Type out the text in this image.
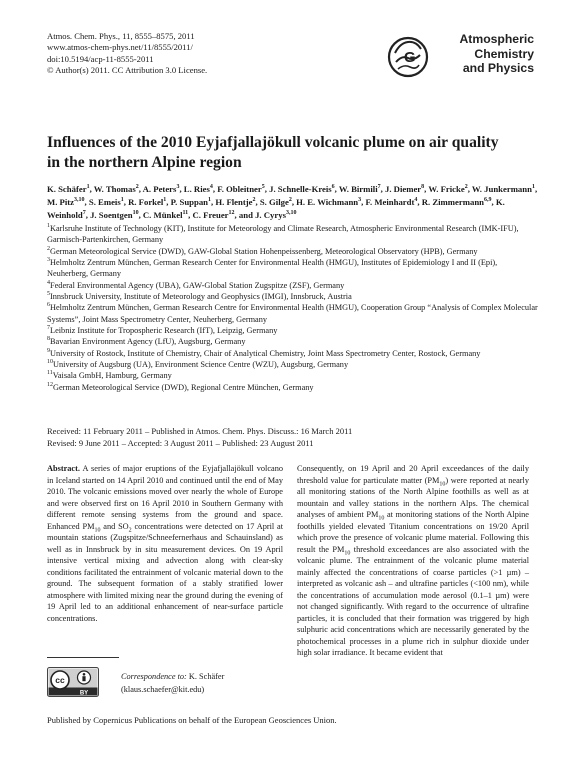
Atmos. Chem. Phys., 11, 8555–8575, 2011
www.atmos-chem-phys.net/11/8555/2011/
doi:10.5194/acp-11-8555-2011
© Author(s) 2011. CC Attribution 3.0 License.
G
Atmospheric
Chemistry
and Physics
Influences of the 2010 Eyjafjallajökull volcanic plume on air quality
in the northern Alpine region
K. Schäfer$^1$, W. Thomas$^2$, A. Peters$^3$, L. Ries$^4$, F. Obleitner$^5$, J. Schnelle-Kreis$^6$, W. Birmili$^7$, J. Diemer$^8$, W. Fricke$^2$, W. Junkermann$^1$, M. Pitz$^{3,10}$, S. Emeis$^1$, R. Forkel$^1$, P. Suppan$^1$, H. Flentje$^2$, S. Gilge$^2$, H. E. Wichmann$^3$, F. Meinhardt$^4$, R. Zimmermann$^{6,9}$, K. Weinhold$^7$, J. Soentgen$^{10}$, C. Münkel$^{11}$, C. Freuer$^{12}$, and J. Cyrys$^{3,10}$
$^1$Karlsruhe Institute of Technology (KIT), Institute for Meteorology and Climate Research, Atmospheric Environmental Research (IMK-IFU), Garmisch-Partenkirchen, Germany
$^2$German Meteorological Service (DWD), GAW-Global Station Hohenpeissenberg, Meteorological Observatory (HPB), Germany
$^3$Helmholtz Zentrum München, German Research Center for Environmental Health (HMGU), Institutes of Epidemiology I and II (Epi), Neuherberg, Germany
$^4$Federal Environmental Agency (UBA), GAW-Global Station Zugspitze (ZSF), Germany
$^5$Innsbruck University, Institute of Meteorology and Geophysics (IMGI), Innsbruck, Austria
$^6$Helmholtz Zentrum München, German Research Centre for Environmental Health (HMGU), Cooperation Group “Analysis of Complex Molecular Systems”, Joint Mass Spectrometry Center, Neuherberg, Germany
$^7$Leibniz Institute for Tropospheric Research (IfT), Leipzig, Germany
$^8$Bavarian Environment Agency (LfU), Augsburg, Germany
$^9$University of Rostock, Institute of Chemistry, Chair of Analytical Chemistry, Joint Mass Spectrometry Center, Rostock, Germany
$^{10}$University of Augsburg (UA), Environment Science Centre (WZU), Augsburg, Germany
$^{11}$Vaisala GmbH, Hamburg, Germany
$^{12}$German Meteorological Service (DWD), Regional Centre München, Germany
Received: 11 February 2011 – Published in Atmos. Chem. Phys. Discuss.: 16 March 2011
Revised: 9 June 2011 – Accepted: 3 August 2011 – Published: 23 August 2011
Abstract. A series of major eruptions of the Eyjafjallajökull volcano in Iceland started on 14 April 2010 and continued until the end of May 2010. The volcanic emissions moved over nearly the whole of Europe and were observed first on 16 April 2010 in Southern Germany with different remote sensing systems from the ground and space. Enhanced $PM_{10}$ and $SO_2$ concentrations were detected on 17 April at mountain stations (Zugspitze/Schneefernerhaus and Schauinsland) as well as in Innsbruck by in situ measurement devices. On 19 April intensive vertical mixing and advection along with clear-sky conditions facilitated the entrainment of volcanic material down to the ground. The subsequent formation of a stably stratified lower atmosphere with limited mixing near the ground during the evening of 19 April led to an additional enhancement of near-surface particle concentrations.
Consequently, on 19 April and 20 April exceedances of the daily threshold value for particulate matter $(PM_{10})$ were reported at nearly all monitoring stations of the North Alpine foothills as well as at mountain and valley stations in the northern Alps. The chemical analyses of ambient $PM_{10}$ at monitoring stations of the North Alpine foothills yielded elevated Titanium concentrations on 19/20 April which prove the presence of volcanic plume material. Following this result the $PM_{10}$ threshold exceedances are also associated with the volcanic plume. The entrainment of the volcanic plume material mainly affected the concentrations of coarse particles (>1 µm) – interpreted as volcanic ash – and ultrafine particles (<100 nm), while the concentrations of accumulation mode aerosol (0.1–1 µm) were not changed significantly. With regard to the occurrence of ultrafine particles, it is concluded that their formation was triggered by high sulphuric acid concentrations which are necessarily generated by the photochemical processes in a plume rich in sulphur dioxide under high solar irradiance. It became evident that
cc
BY
Correspondence to: K. Schäfer
(klaus.schaefer@kit.edu)
Published by Copernicus Publications on behalf of the European Geosciences Union.
